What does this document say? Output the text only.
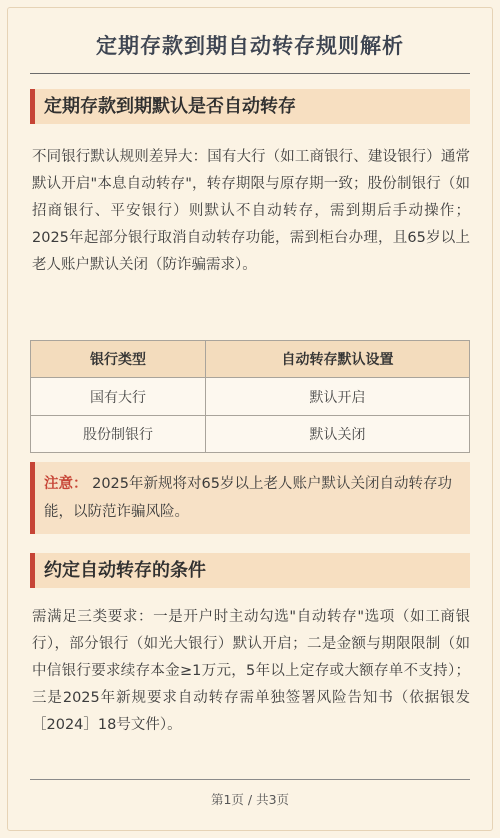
定期存款到期自动转存规则解析
定期存款到期默认是否自动转存
不同银行默认规则差异大：国有大行（如工商银行、建设银行）通常默认开启"本息自动转存"，转存期限与原存期一致；股份制银行（如招商银行、平安银行）则默认不自动转存，需到期后手动操作；2025年起部分银行取消自动转存功能，需到柜台办理，且65岁以上老人账户默认关闭（防诈骗需求）。
银行类型	自动转存默认设置
国有大行	默认开启
股份制银行	默认关闭
注意： 2025年新规将对65岁以上老人账户默认关闭自动转存功能，以防范诈骗风险。
约定自动转存的条件
需满足三类要求：一是开户时主动勾选"自动转存"选项（如工商银行），部分银行（如光大银行）默认开启；二是金额与期限限制（如中信银行要求续存本金≥1万元，5年以上定存或大额存单不支持）；三是2025年新规要求自动转存需单独签署风险告知书（依据银发［2024］18号文件）。
第1页 / 共3页
